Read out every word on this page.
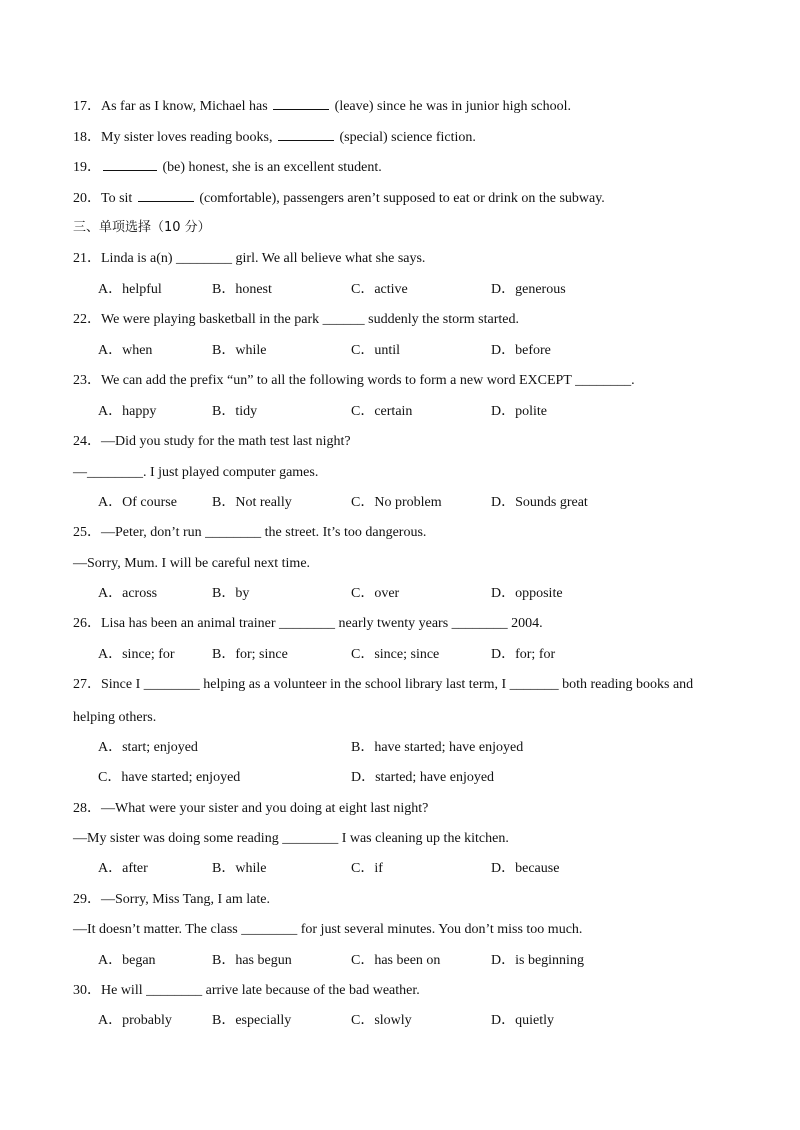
17．As far as I know, Michael has	(leave) since he was in junior high school.
18．My sister loves reading books,	(special) science fiction.
19．	(be) honest, she is an excellent student.
20．To sit	(comfortable), passengers aren’t supposed to eat or drink on the subway.
三、单项选择（10 分）
21．Linda is a(n) ________ girl. We all believe what she says.
A．helpful	B．honest	C．active	D．generous
22．We were playing basketball in the park ______ suddenly the storm started.
A．when	B．while	C．until	D．before
23．We can add the prefix “un” to all the following words to form a new word EXCEPT ________.
A．happy	B．tidy	C．certain	D．polite
24．—Did you study for the math test last night?
—________. I just played computer games.
A．Of course	B．Not really	C．No problem	D．Sounds great
25．—Peter, don’t run ________ the street. It’s too dangerous.
—Sorry, Mum. I will be careful next time.
A．across	B．by	C．over	D．opposite
26．Lisa has been an animal trainer ________ nearly twenty years ________ 2004.
A．since; for	B．for; since	C．since; since	D．for; for
27．Since I ________ helping as a volunteer in the school library last term, I _______ both reading books and
helping others.
A．start; enjoyed	B．have started; have enjoyed
C．have started; enjoyed	D．started; have enjoyed
28．—What were your sister and you doing at eight last night?
—My sister was doing some reading ________ I was cleaning up the kitchen.
A．after	B．while	C．if	D．because
29．—Sorry, Miss Tang, I am late.
—It doesn’t matter. The class ________ for just several minutes. You don’t miss too much.
A．began	B．has begun	C．has been on	D．is beginning
30．He will ________ arrive late because of the bad weather.
A．probably	B．especially	C．slowly	D．quietly
